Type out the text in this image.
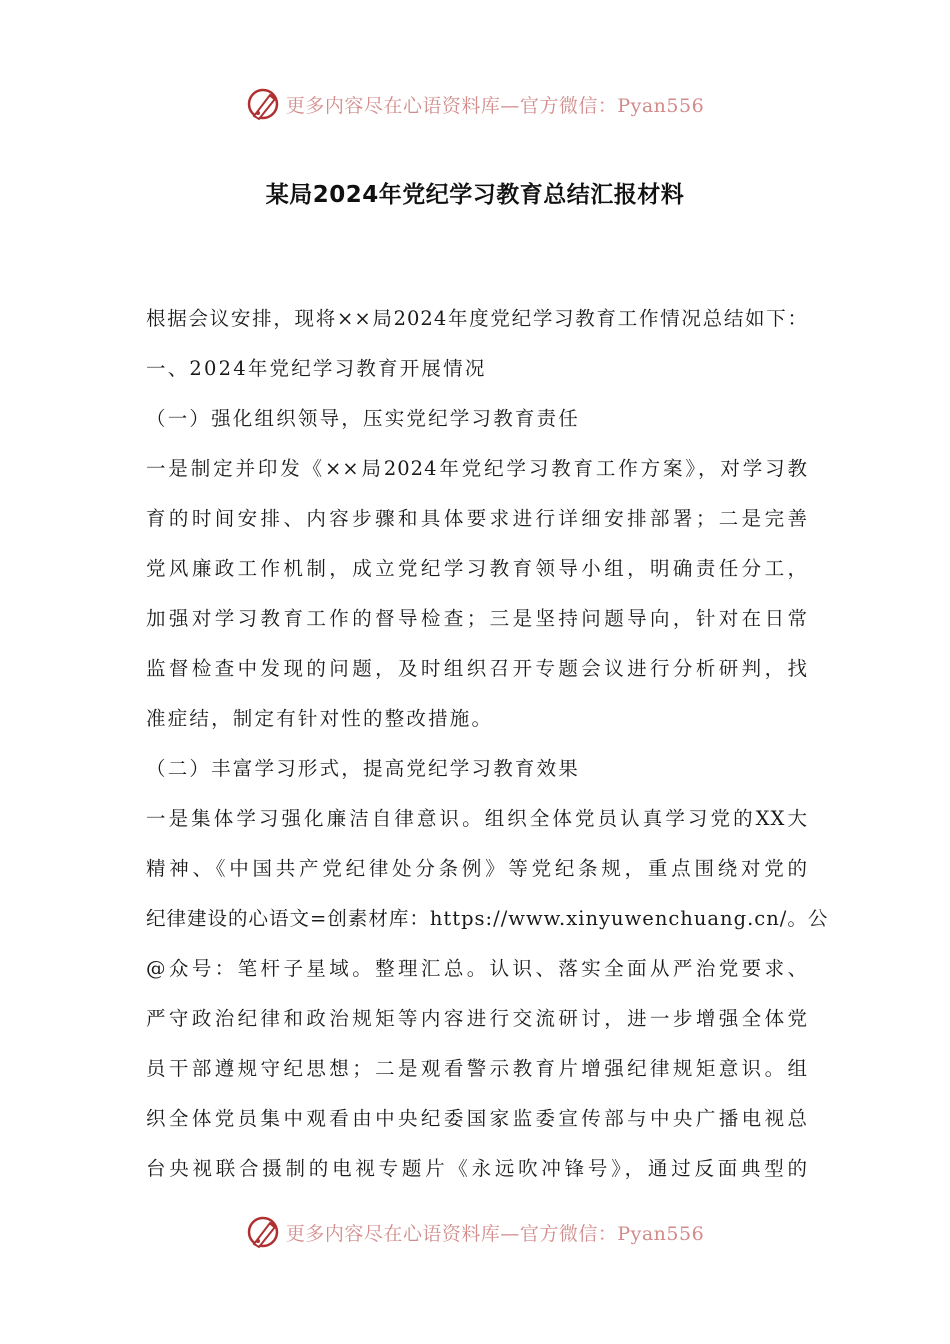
更多内容尽在心语资料库—官方微信：Pyan556
某局2024年党纪学习教育总结汇报材料
根据会议安排，现将××局2024年度党纪学习教育工作情况总结如下：
一、2024年党纪学习教育开展情况
（一）强化组织领导，压实党纪学习教育责任
一是制定并印发《××局2024年党纪学习教育工作方案》，对学习教
育的时间安排、内容步骤和具体要求进行详细安排部署；二是完善
党风廉政工作机制，成立党纪学习教育领导小组，明确责任分工，
加强对学习教育工作的督导检查；三是坚持问题导向，针对在日常
监督检查中发现的问题，及时组织召开专题会议进行分析研判，找
准症结，制定有针对性的整改措施。
（二）丰富学习形式，提高党纪学习教育效果
一是集体学习强化廉洁自律意识。组织全体党员认真学习党的XX大
精神、《中国共产党纪律处分条例》等党纪条规，重点围绕对党的
纪律建设的心语文=创素材库：https://www.xinyuwenchuang.cn/。公
@众号：笔杆子星域。整理汇总。认识、落实全面从严治党要求、
严守政治纪律和政治规矩等内容进行交流研讨，进一步增强全体党
员干部遵规守纪思想；二是观看警示教育片增强纪律规矩意识。组
织全体党员集中观看由中央纪委国家监委宣传部与中央广播电视总
台央视联合摄制的电视专题片《永远吹冲锋号》，通过反面典型的
更多内容尽在心语资料库—官方微信：Pyan556
